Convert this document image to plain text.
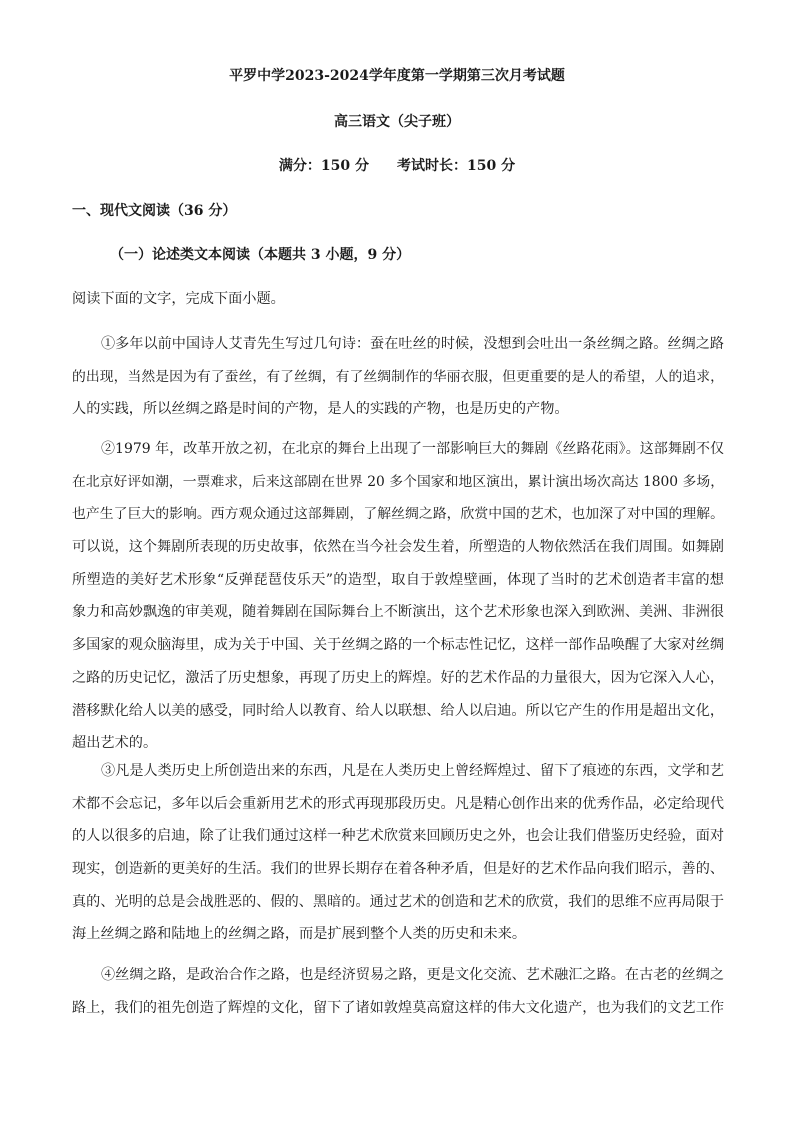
平罗中学2023-2024学年度第一学期第三次月考试题
高三语文（尖子班）
满分：150 分 考试时长：150 分
一、现代文阅读（36 分）
（一）论述类文本阅读（本题共 3 小题，9 分）
阅读下面的文字，完成下面小题。
①多年以前中国诗人艾青先生写过几句诗：蚕在吐丝的时候，没想到会吐出一条丝绸之路。丝绸之路
的出现，当然是因为有了蚕丝，有了丝绸，有了丝绸制作的华丽衣服，但更重要的是人的希望，人的追求，
人的实践，所以丝绸之路是时间的产物，是人的实践的产物，也是历史的产物。
②1979 年，改革开放之初，在北京的舞台上出现了一部影响巨大的舞剧《丝路花雨》。这部舞剧不仅
在北京好评如潮，一票难求，后来这部剧在世界 20 多个国家和地区演出，累计演出场次高达 1800 多场，
也产生了巨大的影响。西方观众通过这部舞剧，了解丝绸之路，欣赏中国的艺术，也加深了对中国的理解。
可以说，这个舞剧所表现的历史故事，依然在当今社会发生着，所塑造的人物依然活在我们周围。如舞剧
所塑造的美好艺术形象“反弹琵琶伎乐天”的造型，取自于敦煌壁画，体现了当时的艺术创造者丰富的想
象力和高妙飘逸的审美观，随着舞剧在国际舞台上不断演出，这个艺术形象也深入到欧洲、美洲、非洲很
多国家的观众脑海里，成为关于中国、关于丝绸之路的一个标志性记忆，这样一部作品唤醒了大家对丝绸
之路的历史记忆，激活了历史想象，再现了历史上的辉煌。好的艺术作品的力量很大，因为它深入人心，
潜移默化给人以美的感受，同时给人以教育、给人以联想、给人以启迪。所以它产生的作用是超出文化，
超出艺术的。
③凡是人类历史上所创造出来的东西，凡是在人类历史上曾经辉煌过、留下了痕迹的东西，文学和艺
术都不会忘记，多年以后会重新用艺术的形式再现那段历史。凡是精心创作出来的优秀作品，必定给现代
的人以很多的启迪，除了让我们通过这样一种艺术欣赏来回顾历史之外，也会让我们借鉴历史经验，面对
现实，创造新的更美好的生活。我们的世界长期存在着各种矛盾，但是好的艺术作品向我们昭示，善的、
真的、光明的总是会战胜恶的、假的、黑暗的。通过艺术的创造和艺术的欣赏，我们的思维不应再局限于
海上丝绸之路和陆地上的丝绸之路，而是扩展到整个人类的历史和未来。
④丝绸之路，是政治合作之路，也是经济贸易之路，更是文化交流、艺术融汇之路。在古老的丝绸之
路上，我们的祖先创造了辉煌的文化，留下了诸如敦煌莫高窟这样的伟大文化遗产，也为我们的文艺工作
